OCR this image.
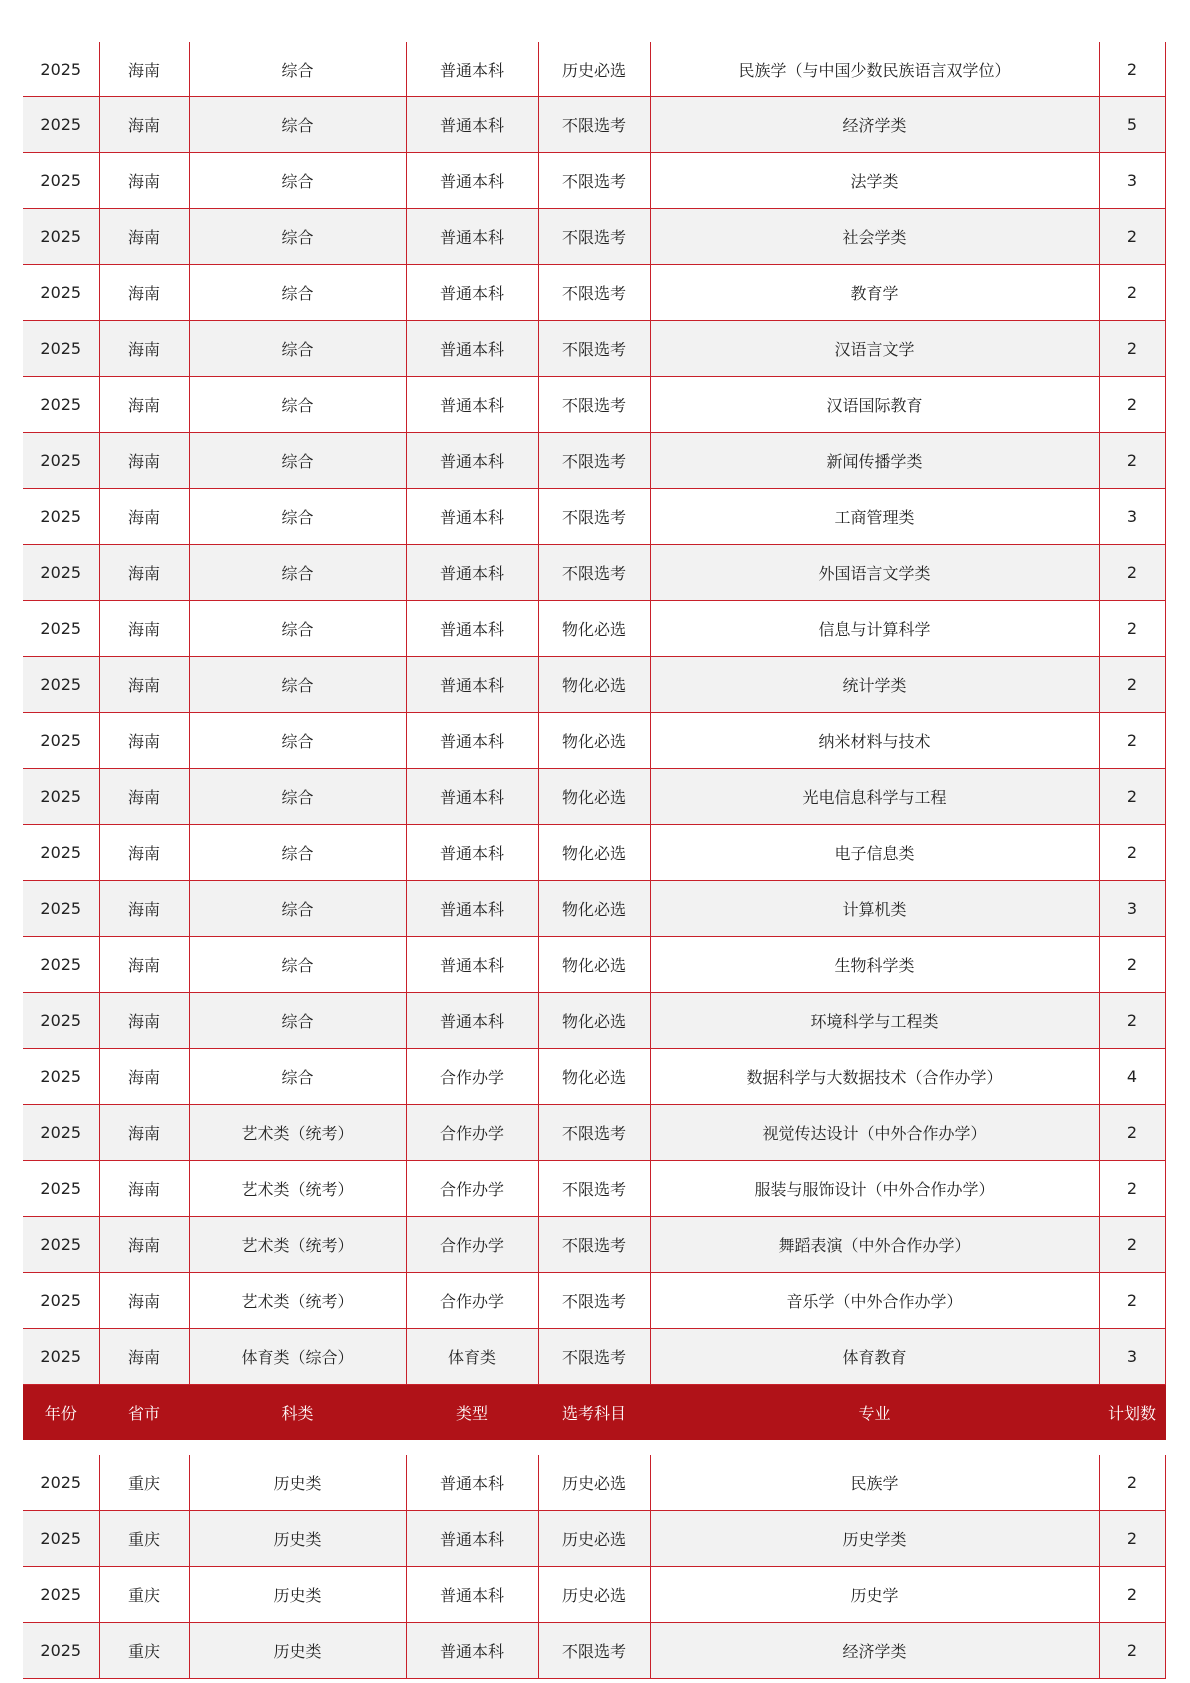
2025	海南	综合	普通本科	历史必选	民族学（与中国少数民族语言双学位）	2
2025	海南	综合	普通本科	不限选考	经济学类	5
2025	海南	综合	普通本科	不限选考	法学类	3
2025	海南	综合	普通本科	不限选考	社会学类	2
2025	海南	综合	普通本科	不限选考	教育学	2
2025	海南	综合	普通本科	不限选考	汉语言文学	2
2025	海南	综合	普通本科	不限选考	汉语国际教育	2
2025	海南	综合	普通本科	不限选考	新闻传播学类	2
2025	海南	综合	普通本科	不限选考	工商管理类	3
2025	海南	综合	普通本科	不限选考	外国语言文学类	2
2025	海南	综合	普通本科	物化必选	信息与计算科学	2
2025	海南	综合	普通本科	物化必选	统计学类	2
2025	海南	综合	普通本科	物化必选	纳米材料与技术	2
2025	海南	综合	普通本科	物化必选	光电信息科学与工程	2
2025	海南	综合	普通本科	物化必选	电子信息类	2
2025	海南	综合	普通本科	物化必选	计算机类	3
2025	海南	综合	普通本科	物化必选	生物科学类	2
2025	海南	综合	普通本科	物化必选	环境科学与工程类	2
2025	海南	综合	合作办学	物化必选	数据科学与大数据技术（合作办学）	4
2025	海南	艺术类（统考）	合作办学	不限选考	视觉传达设计（中外合作办学）	2
2025	海南	艺术类（统考）	合作办学	不限选考	服装与服饰设计（中外合作办学）	2
2025	海南	艺术类（统考）	合作办学	不限选考	舞蹈表演（中外合作办学）	2
2025	海南	艺术类（统考）	合作办学	不限选考	音乐学（中外合作办学）	2
2025	海南	体育类（综合）	体育类	不限选考	体育教育	3
年份	省市	科类	类型	选考科目	专业	计划数
2025	重庆	历史类	普通本科	历史必选	民族学	2
2025	重庆	历史类	普通本科	历史必选	历史学类	2
2025	重庆	历史类	普通本科	历史必选	历史学	2
2025	重庆	历史类	普通本科	不限选考	经济学类	2
